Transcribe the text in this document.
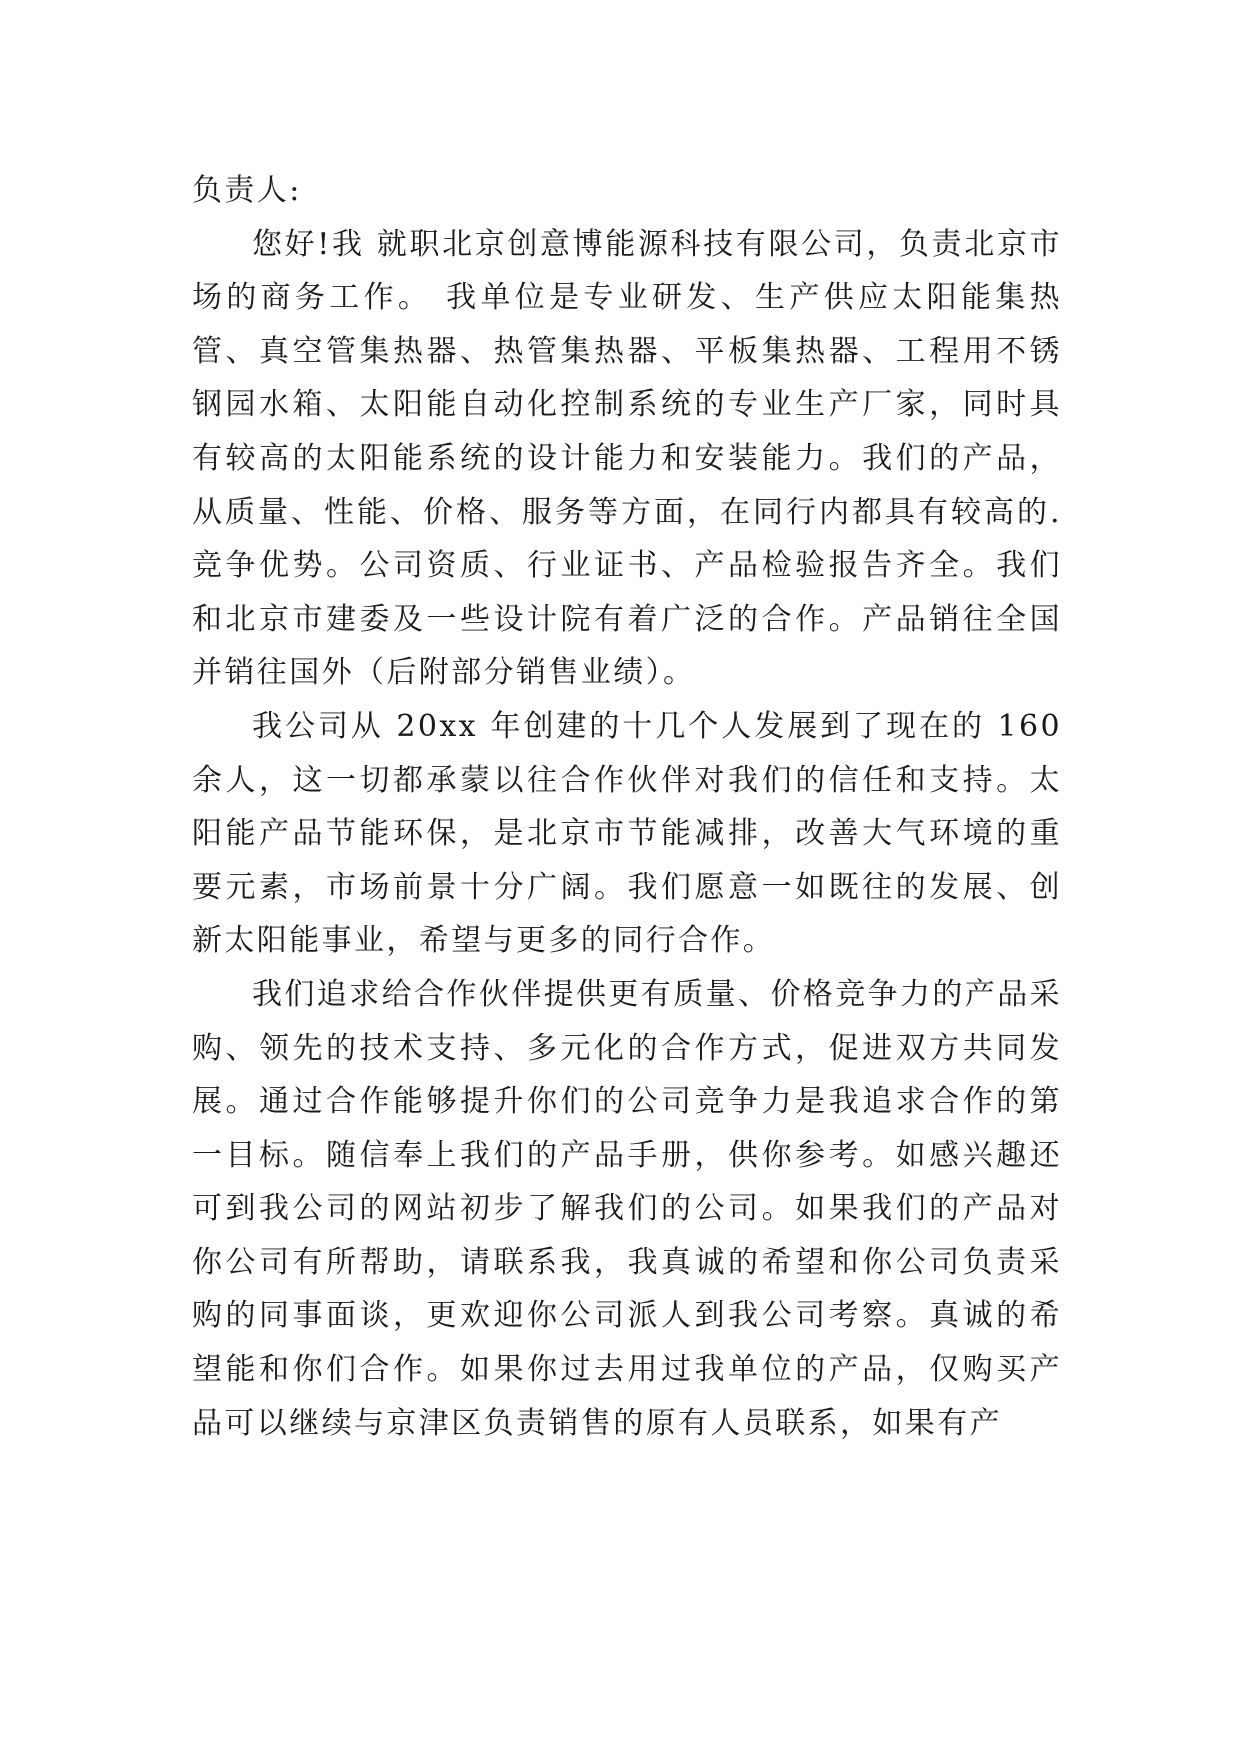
负责人:

您好!我 就职北京创意博能源科技有限公司，负责北京市场的商务工作。 我单位是专业研发、生产供应太阳能集热管、真空管集热器、热管集热器、平板集热器、工程用不锈钢园水箱、太阳能自动化控制系统的专业生产厂家，同时具有较高的太阳能系统的设计能力和安装能力。我们的产品，从质量、性能、价格、服务等方面，在同行内都具有较高的.竞争优势。公司资质、行业证书、产品检验报告齐全。我们和北京市建委及一些设计院有着广泛的合作。产品销往全国并销往国外（后附部分销售业绩）。

我公司从 20xx 年创建的十几个人发展到了现在的 160 余人，这一切都承蒙以往合作伙伴对我们的信任和支持。太阳能产品节能环保，是北京市节能减排，改善大气环境的重要元素，市场前景十分广阔。我们愿意一如既往的发展、创新太阳能事业，希望与更多的同行合作。

我们追求给合作伙伴提供更有质量、价格竞争力的产品采购、领先的技术支持、多元化的合作方式，促进双方共同发展。通过合作能够提升你们的公司竞争力是我追求合作的第一目标。随信奉上我们的产品手册，供你参考。如感兴趣还可到我公司的网站初步了解我们的公司。如果我们的产品对你公司有所帮助，请联系我，我真诚的希望和你公司负责采购的同事面谈，更欢迎你公司派人到我公司考察。真诚的希望能和你们合作。如果你过去用过我单位的产品，仅购买产品可以继续与京津区负责销售的原有人员联系，如果有产
